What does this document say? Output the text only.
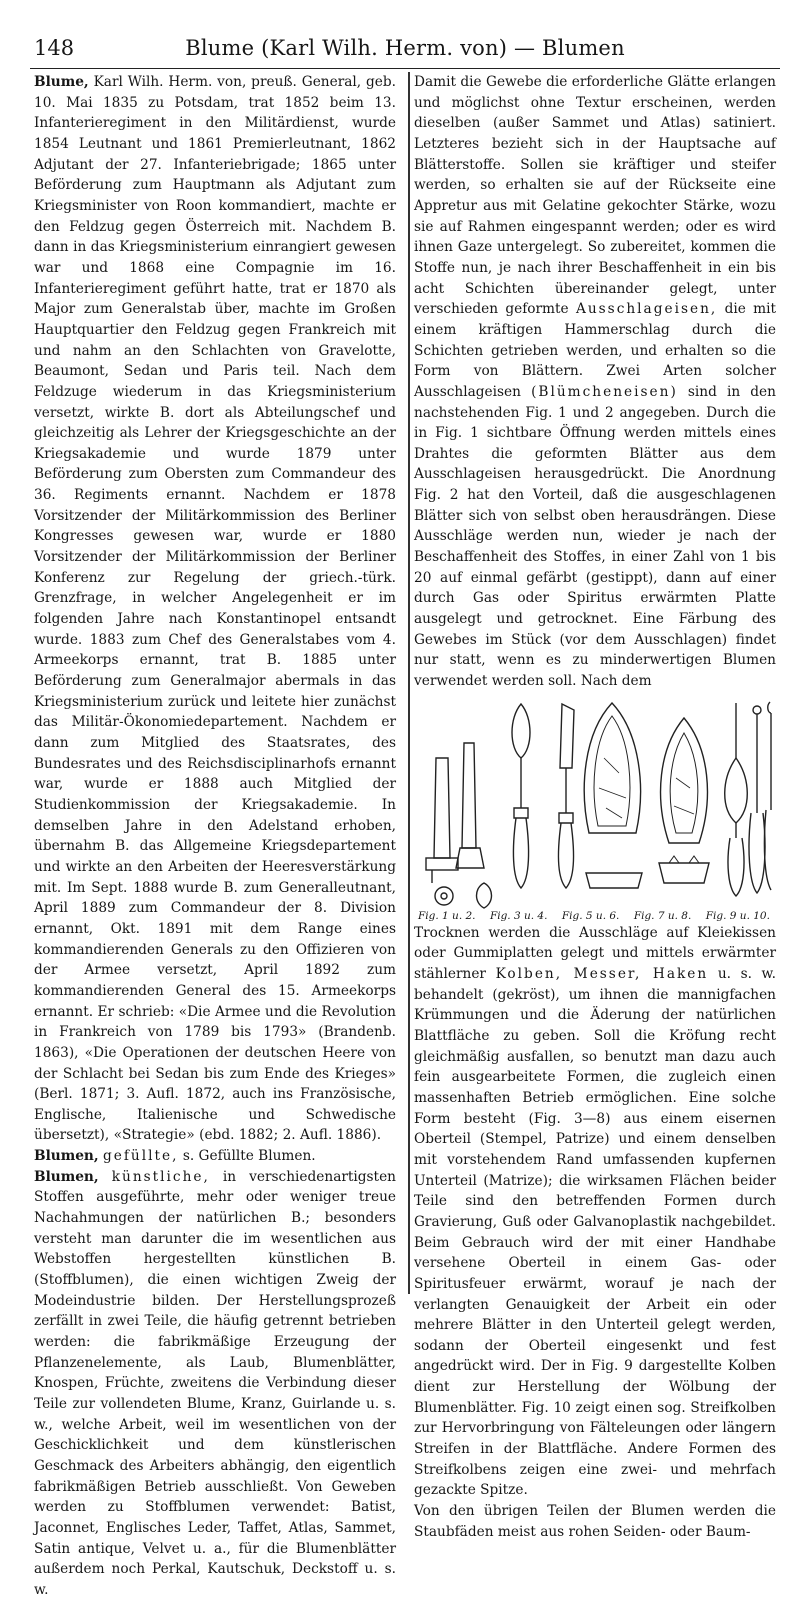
148	Blume (Karl Wilh. Herm. von) — Blumen

Blume, Karl Wilh. Herm. von, preuß. General, geb. 10. Mai 1835 zu Potsdam, trat 1852 beim 13. Infanterieregiment in den Militärdienst, wurde 1854 Leutnant und 1861 Premierleutnant, 1862 Adjutant der 27. Infanteriebrigade; 1865 unter Beförderung zum Hauptmann als Adjutant zum Kriegsminister von Roon kommandiert, machte er den Feldzug gegen Österreich mit. Nachdem B. dann in das Kriegsministerium einrangiert gewesen war und 1868 eine Compagnie im 16. Infanterieregiment geführt hatte, trat er 1870 als Major zum Generalstab über, machte im Großen Hauptquartier den Feldzug gegen Frankreich mit und nahm an den Schlachten von Gravelotte, Beaumont, Sedan und Paris teil. Nach dem Feldzuge wiederum in das Kriegsministerium versetzt, wirkte B. dort als Abteilungschef und gleichzeitig als Lehrer der Kriegsgeschichte an der Kriegsakademie und wurde 1879 unter Beförderung zum Obersten zum Commandeur des 36. Regiments ernannt. Nachdem er 1878 Vorsitzender der Militärkommission des Berliner Kongresses gewesen war, wurde er 1880 Vorsitzender der Militärkommission der Berliner Konferenz zur Regelung der griech.-türk. Grenzfrage, in welcher Angelegenheit er im folgenden Jahre nach Konstantinopel entsandt wurde. 1883 zum Chef des Generalstabes vom 4. Armeekorps ernannt, trat B. 1885 unter Beförderung zum Generalmajor abermals in das Kriegsministerium zurück und leitete hier zunächst das Militär-Ökonomiedepartement. Nachdem er dann zum Mitglied des Staatsrates, des Bundesrates und des Reichsdisciplinarhofs ernannt war, wurde er 1888 auch Mitglied der Studienkommission der Kriegsakademie. In demselben Jahre in den Adelstand erhoben, übernahm B. das Allgemeine Kriegsdepartement und wirkte an den Arbeiten der Heeresverstärkung mit. Im Sept. 1888 wurde B. zum Generalleutnant, April 1889 zum Commandeur der 8. Division ernannt, Okt. 1891 mit dem Range eines kommandierenden Generals zu den Offizieren von der Armee versetzt, April 1892 zum kommandierenden General des 15. Armeekorps ernannt. Er schrieb: «Die Armee und die Revolution in Frankreich von 1789 bis 1793» (Brandenb. 1863), «Die Operationen der deutschen Heere von der Schlacht bei Sedan bis zum Ende des Krieges» (Berl. 1871; 3. Aufl. 1872, auch ins Französische, Englische, Italienische und Schwedische übersetzt), «Strategie» (ebd. 1882; 2. Aufl. 1886).

Blumen, gefüllte, s. Gefüllte Blumen.

Blumen, künstliche, in verschiedenartigsten Stoffen ausgeführte, mehr oder weniger treue Nachahmungen der natürlichen B.; besonders versteht man darunter die im wesentlichen aus Webstoffen hergestellten künstlichen B. (Stoffblumen), die einen wichtigen Zweig der Modeindustrie bilden. Der Herstellungsprozeß zerfällt in zwei Teile, die häufig getrennt betrieben werden: die fabrikmäßige Erzeugung der Pflanzenelemente, als Laub, Blumenblätter, Knospen, Früchte, zweitens die Verbindung dieser Teile zur vollendeten Blume, Kranz, Guirlande u. s. w., welche Arbeit, weil im wesentlichen von der Geschicklichkeit und dem künstlerischen Geschmack des Arbeiters abhängig, den eigentlich fabrikmäßigen Betrieb ausschließt. Von Geweben werden zu Stoffblumen verwendet: Batist, Jaconnet, Englisches Leder, Taffet, Atlas, Sammet, Satin antique, Velvet u. a., für die Blumenblätter außerdem noch Perkal, Kautschuk, Deckstoff u. s. w.

Damit die Gewebe die erforderliche Glätte erlangen und möglichst ohne Textur erscheinen, werden dieselben (außer Sammet und Atlas) satiniert. Letzteres bezieht sich in der Hauptsache auf Blätterstoffe. Sollen sie kräftiger und steifer werden, so erhalten sie auf der Rückseite eine Appretur aus mit Gelatine gekochter Stärke, wozu sie auf Rahmen eingespannt werden; oder es wird ihnen Gaze untergelegt. So zubereitet, kommen die Stoffe nun, je nach ihrer Beschaffenheit in ein bis acht Schichten übereinander gelegt, unter verschieden geformte Ausschlageisen, die mit einem kräftigen Hammerschlag durch die Schichten getrieben werden, und erhalten so die Form von Blättern. Zwei Arten solcher Ausschlageisen (Blümcheneisen) sind in den nachstehenden Fig. 1 und 2 angegeben. Durch die in Fig. 1 sichtbare Öffnung werden mittels eines Drahtes die geformten Blätter aus dem Ausschlageisen herausgedrückt. Die Anordnung Fig. 2 hat den Vorteil, daß die ausgeschlagenen Blätter sich von selbst oben herausdrängen. Diese Ausschläge werden nun, wieder je nach der Beschaffenheit des Stoffes, in einer Zahl von 1 bis 20 auf einmal gefärbt (gestippt), dann auf einer durch Gas oder Spiritus erwärmten Platte ausgelegt und getrocknet. Eine Färbung des Gewebes im Stück (vor dem Ausschlagen) findet nur statt, wenn es zu minderwertigen Blumen verwendet werden soll. Nach dem

Fig. 1 u. 2. Fig. 3 u. 4. Fig. 5 u. 6. Fig. 7 u. 8. Fig. 9 u. 10.

Trocknen werden die Ausschläge auf Kleiekissen oder Gummiplatten gelegt und mittels erwärmter stählerner Kolben, Messer, Haken u. s. w. behandelt (gekröst), um ihnen die mannigfachen Krümmungen und die Äderung der natürlichen Blattfläche zu geben. Soll die Kröfung recht gleichmäßig ausfallen, so benutzt man dazu auch fein ausgearbeitete Formen, die zugleich einen massenhaften Betrieb ermöglichen. Eine solche Form besteht (Fig. 3—8) aus einem eisernen Oberteil (Stempel, Patrize) und einem denselben mit vorstehendem Rand umfassenden kupfernen Unterteil (Matrize); die wirksamen Flächen beider Teile sind den betreffenden Formen durch Gravierung, Guß oder Galvanoplastik nachgebildet. Beim Gebrauch wird der mit einer Handhabe versehene Oberteil in einem Gas- oder Spiritusfeuer erwärmt, worauf je nach der verlangten Genauigkeit der Arbeit ein oder mehrere Blätter in den Unterteil gelegt werden, sodann der Oberteil eingesenkt und fest angedrückt wird. Der in Fig. 9 dargestellte Kolben dient zur Herstellung der Wölbung der Blumenblätter. Fig. 10 zeigt einen sog. Streifkolben zur Hervorbringung von Fälteleungen oder längern Streifen in der Blattfläche. Andere Formen des Streifkolbens zeigen eine zwei- und mehrfach gezackte Spitze.

Von den übrigen Teilen der Blumen werden die Staubfäden meist aus rohen Seiden- oder Baum-
